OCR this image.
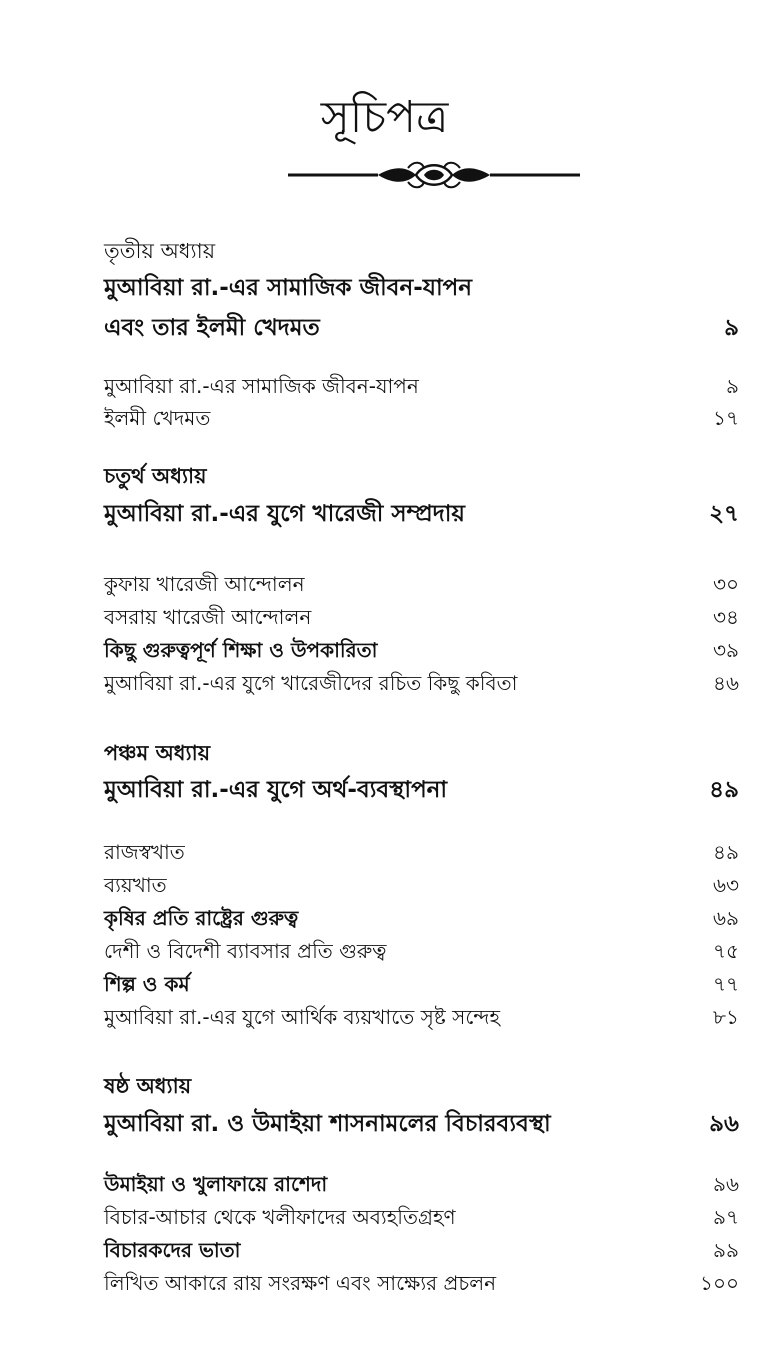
সূচিপত্র
তৃতীয় অধ্যায়
মুআবিয়া রা.-এর সামাজিক জীবন-যাপন
এবং তার ইলমী খেদমত	৯
মুআবিয়া রা.-এর সামাজিক জীবন-যাপন	৯
ইলমী খেদমত	১৭
চতুর্থ অধ্যায়
মুআবিয়া রা.-এর যুগে খারেজী সম্প্রদায়	২৭
কুফায় খারেজী আন্দোলন	৩০
বসরায় খারেজী আন্দোলন	৩৪
কিছু গুরুত্বপূর্ণ শিক্ষা ও উপকারিতা	৩৯
মুআবিয়া রা.-এর যুগে খারেজীদের রচিত কিছু কবিতা	৪৬
পঞ্চম অধ্যায়
মুআবিয়া রা.-এর যুগে অর্থ-ব্যবস্থাপনা	৪৯
রাজস্বখাত	৪৯
ব্যয়খাত	৬৩
কৃষির প্রতি রাষ্ট্রের গুরুত্ব	৬৯
দেশী ও বিদেশী ব্যাবসার প্রতি গুরুত্ব	৭৫
শিল্প ও কর্ম	৭৭
মুআবিয়া রা.-এর যুগে আর্থিক ব্যয়খাতে সৃষ্ট সন্দেহ	৮১
ষষ্ঠ অধ্যায়
মুআবিয়া রা. ও উমাইয়া শাসনামলের বিচারব্যবস্থা	৯৬
উমাইয়া ও খুলাফায়ে রাশেদা	৯৬
বিচার-আচার থেকে খলীফাদের অব্যহতিগ্রহণ	৯৭
বিচারকদের ভাতা	৯৯
লিখিত আকারে রায় সংরক্ষণ এবং সাক্ষ্যের প্রচলন	১০০
